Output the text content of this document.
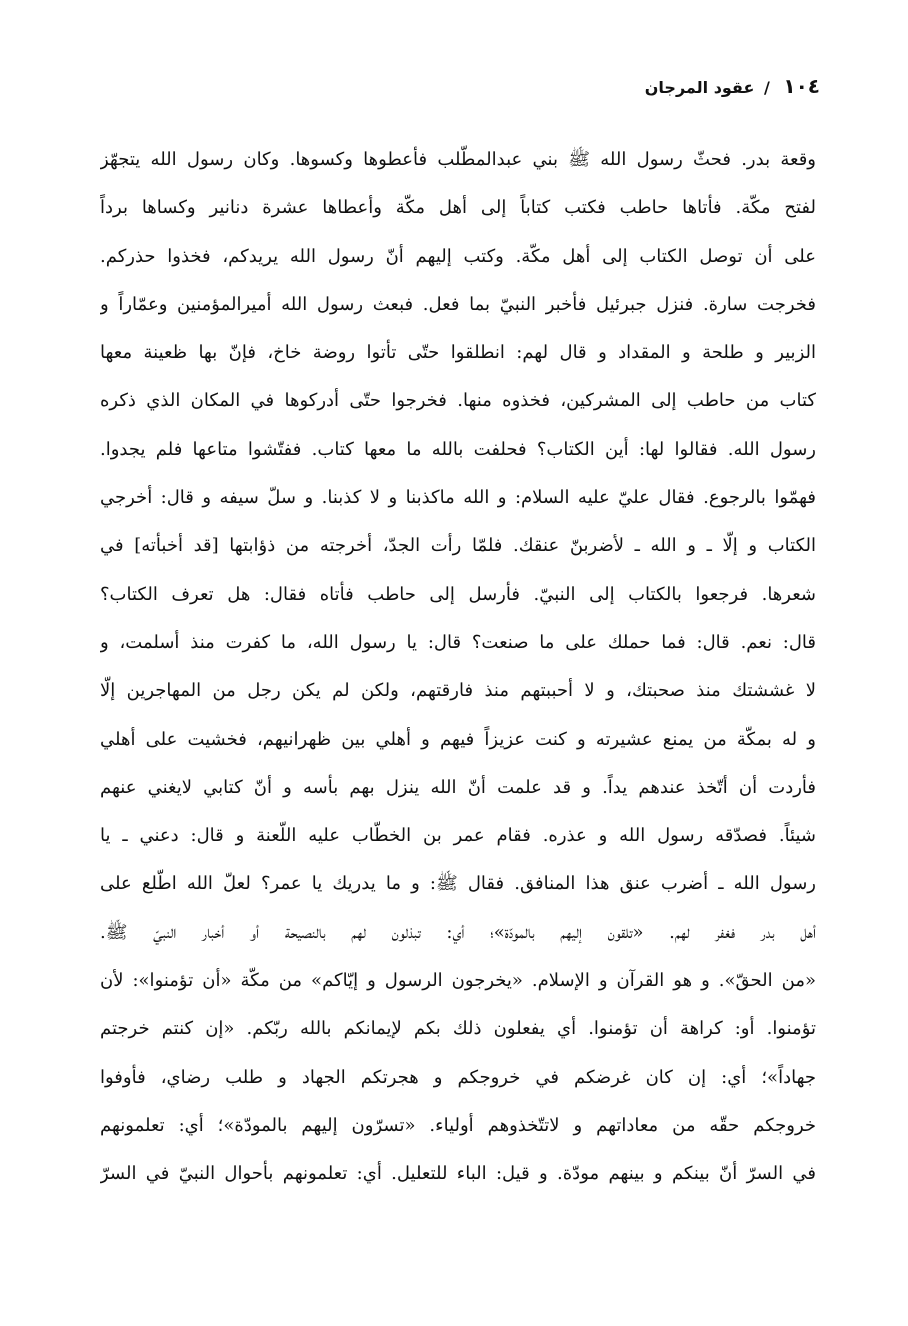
١٠٤ / عقود المرجان
وقعة بدر. فحثّ رسول الله ﷺ بني عبدالمطّلب فأعطوها وكسوها. وكان رسول الله يتجهّز
لفتح مكّة. فأتاها حاطب فكتب كتاباً إلى أهل مكّة وأعطاها عشرة دنانير وكساها برداً
على أن توصل الكتاب إلى أهل مكّة. وكتب إليهم أنّ رسول الله يريدكم، فخذوا حذركم.
فخرجت سارة. فنزل جبرئيل فأخبر النبيّ بما فعل. فبعث رسول الله أميرالمؤمنين وعمّاراً و
الزبير و طلحة و المقداد و قال لهم: انطلقوا حتّى تأتوا روضة خاخ، فإنّ بها ظعينة معها
كتاب من حاطب إلى المشركين، فخذوه منها. فخرجوا حتّى أدركوها في المكان الذي ذكره
رسول الله. فقالوا لها: أين الكتاب؟ فحلفت بالله ما معها كتاب. ففتّشوا متاعها فلم يجدوا.
فهمّوا بالرجوع. فقال عليّ عليه السلام: و الله ماكذبنا و لا كذبنا. و سلّ سيفه و قال: أخرجي
الكتاب و إلّا ـ و الله ـ لأضربنّ عنقك. فلمّا رأت الجدّ، أخرجته من ذؤابتها [قد أخبأته] في
شعرها. فرجعوا بالكتاب إلى النبيّ. فأرسل إلى حاطب فأتاه فقال: هل تعرف الكتاب؟
قال: نعم. قال: فما حملك على ما صنعت؟ قال: يا رسول الله، ما كفرت منذ أسلمت، و
لا غششتك منذ صحبتك، و لا أحببتهم منذ فارقتهم، ولكن لم يكن رجل من المهاجرين إلّا
و له بمكّة من يمنع عشيرته و كنت عزيزاً فيهم و أهلي بين ظهرانيهم، فخشيت على أهلي
فأردت أن أتّخذ عندهم يداً. و قد علمت أنّ الله ينزل بهم بأسه و أنّ كتابي لايغني عنهم
شيئاً. فصدّقه رسول الله و عذره. فقام عمر بن الخطّاب عليه اللّعنة و قال: دعني ـ يا
رسول الله ـ أضرب عنق هذا المنافق. فقال ﷺ: و ما يدريك يا عمر؟ لعلّ الله اطّلع على
أهل بدر فغفر لهم. «تلقون إليهم بالمودّة»؛ أي: تبذلون لهم بالنصيحة أو أخبار النبيّ ﷺ.
«من الحقّ». و هو القرآن و الإسلام. «يخرجون الرسول و إيّاكم» من مكّة «أن تؤمنوا»: لأن
تؤمنوا. أو: كراهة أن تؤمنوا. أي يفعلون ذلك بكم لإيمانكم بالله ربّكم. «إن كنتم خرجتم
جهاداً»؛ أي: إن كان غرضكم في خروجكم و هجرتكم الجهاد و طلب رضاي، فأوفوا
خروجكم حقّه من معاداتهم و لاتتّخذوهم أولياء. «تسرّون إليهم بالمودّة»؛ أي: تعلمونهم
في السرّ أنّ بينكم و بينهم مودّة. و قيل: الباء للتعليل. أي: تعلمونهم بأحوال النبيّ في السرّ
